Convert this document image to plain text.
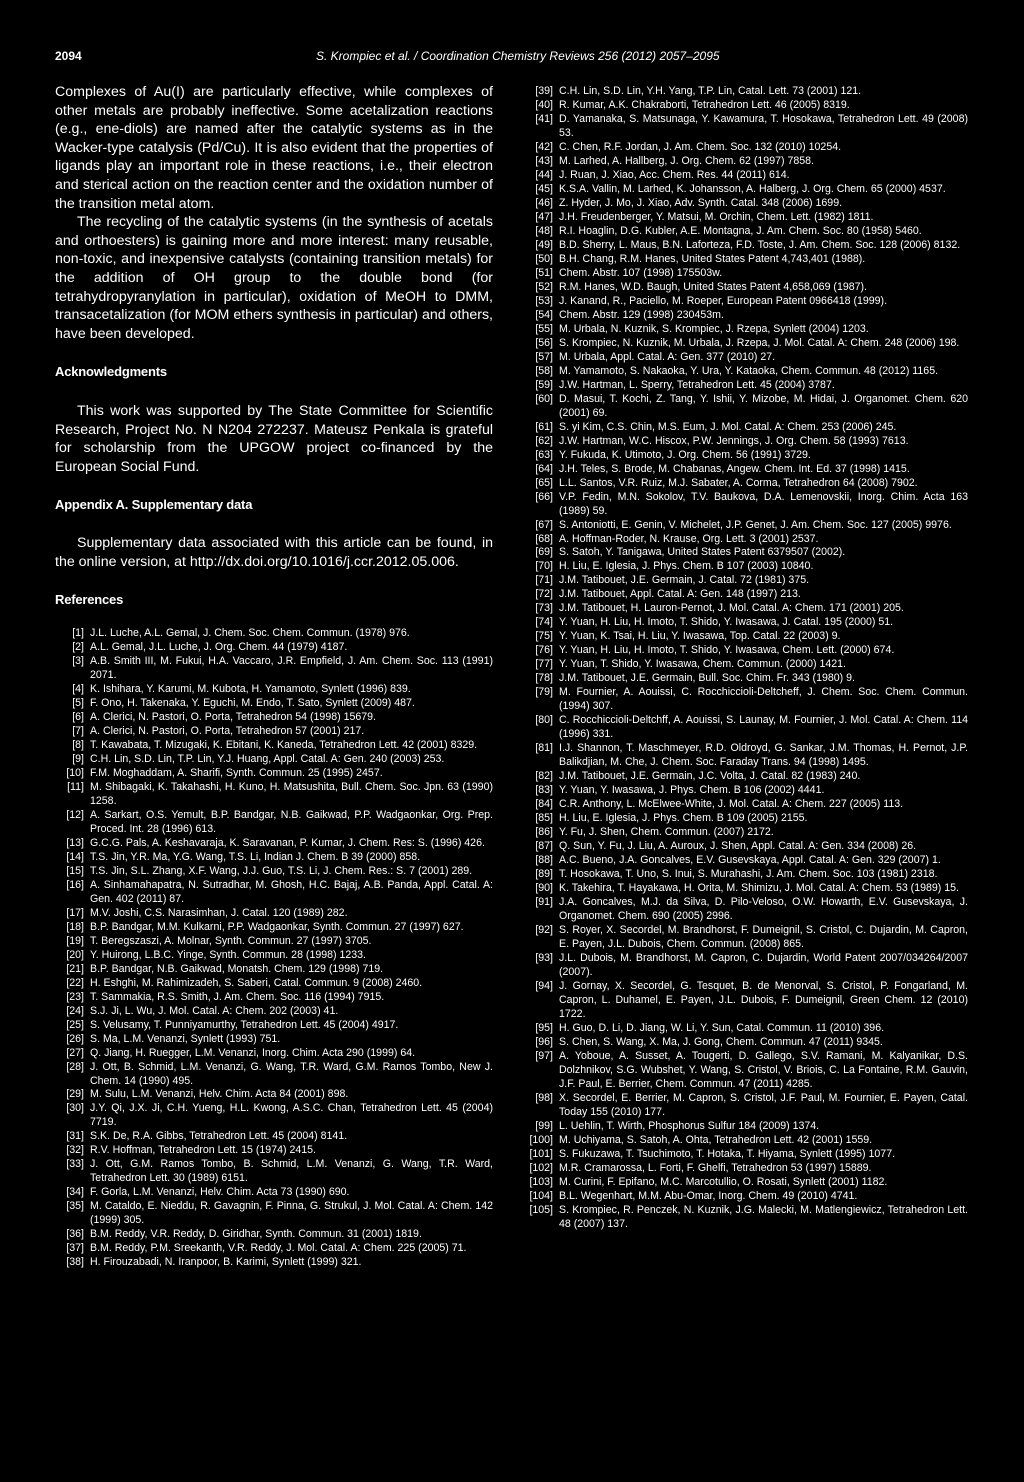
2094	S. Krompiec et al. / Coordination Chemistry Reviews 256 (2012) 2057–2095

Complexes of Au(I) are particularly effective, while complexes of other metals are probably ineffective. Some acetalization reactions (e.g., ene-diols) are named after the catalytic systems as in the Wacker-type catalysis (Pd/Cu). It is also evident that the properties of ligands play an important role in these reactions, i.e., their electron and sterical action on the reaction center and the oxidation number of the transition metal atom.

The recycling of the catalytic systems (in the synthesis of acetals and orthoesters) is gaining more and more interest: many reusable, non-toxic, and inexpensive catalysts (containing transition metals) for the addition of OH group to the double bond (for tetrahydropyranylation in particular), oxidation of MeOH to DMM, transacetalization (for MOM ethers synthesis in particular) and others, have been developed.

Acknowledgments

This work was supported by The State Committee for Scientific Research, Project No. N N204 272237. Mateusz Penkala is grateful for scholarship from the UPGOW project co-financed by the European Social Fund.

Appendix A. Supplementary data

Supplementary data associated with this article can be found, in the online version, at http://dx.doi.org/10.1016/j.ccr.2012.05.006.

References
[1] J.L. Luche, A.L. Gemal, J. Chem. Soc. Chem. Commun. (1978) 976.
[2] A.L. Gemal, J.L. Luche, J. Org. Chem. 44 (1979) 4187.
[3] A.B. Smith III, M. Fukui, H.A. Vaccaro, J.R. Empfield, J. Am. Chem. Soc. 113 (1991) 2071.
[4] K. Ishihara, Y. Karumi, M. Kubota, H. Yamamoto, Synlett (1996) 839.
[5] F. Ono, H. Takenaka, Y. Eguchi, M. Endo, T. Sato, Synlett (2009) 487.
[6] A. Clerici, N. Pastori, O. Porta, Tetrahedron 54 (1998) 15679.
[7] A. Clerici, N. Pastori, O. Porta, Tetrahedron 57 (2001) 217.
[8] T. Kawabata, T. Mizugaki, K. Ebitani, K. Kaneda, Tetrahedron Lett. 42 (2001) 8329.
[9] C.H. Lin, S.D. Lin, T.P. Lin, Y.J. Huang, Appl. Catal. A: Gen. 240 (2003) 253.
[10] F.M. Moghaddam, A. Sharifi, Synth. Commun. 25 (1995) 2457.
[11] M. Shibagaki, K. Takahashi, H. Kuno, H. Matsushita, Bull. Chem. Soc. Jpn. 63 (1990) 1258.
[12] A. Sarkart, O.S. Yemult, B.P. Bandgar, N.B. Gaikwad, P.P. Wadgaonkar, Org. Prep. Proced. Int. 28 (1996) 613.
[13] G.C.G. Pals, A. Keshavaraja, K. Saravanan, P. Kumar, J. Chem. Res: S. (1996) 426.
[14] T.S. Jin, Y.R. Ma, Y.G. Wang, T.S. Li, Indian J. Chem. B 39 (2000) 858.
[15] T.S. Jin, S.L. Zhang, X.F. Wang, J.J. Guo, T.S. Li, J. Chem. Res.: S. 7 (2001) 289.
[16] A. Sinhamahapatra, N. Sutradhar, M. Ghosh, H.C. Bajaj, A.B. Panda, Appl. Catal. A: Gen. 402 (2011) 87.
[17] M.V. Joshi, C.S. Narasimhan, J. Catal. 120 (1989) 282.
[18] B.P. Bandgar, M.M. Kulkarni, P.P. Wadgaonkar, Synth. Commun. 27 (1997) 627.
[19] T. Beregszaszi, A. Molnar, Synth. Commun. 27 (1997) 3705.
[20] Y. Huirong, L.B.C. Yinge, Synth. Commun. 28 (1998) 1233.
[21] B.P. Bandgar, N.B. Gaikwad, Monatsh. Chem. 129 (1998) 719.
[22] H. Eshghi, M. Rahimizadeh, S. Saberi, Catal. Commun. 9 (2008) 2460.
[23] T. Sammakia, R.S. Smith, J. Am. Chem. Soc. 116 (1994) 7915.
[24] S.J. Ji, L. Wu, J. Mol. Catal. A: Chem. 202 (2003) 41.
[25] S. Velusamy, T. Punniyamurthy, Tetrahedron Lett. 45 (2004) 4917.
[26] S. Ma, L.M. Venanzi, Synlett (1993) 751.
[27] Q. Jiang, H. Ruegger, L.M. Venanzi, Inorg. Chim. Acta 290 (1999) 64.
[28] J. Ott, B. Schmid, L.M. Venanzi, G. Wang, T.R. Ward, G.M. Ramos Tombo, New J. Chem. 14 (1990) 495.
[29] M. Sulu, L.M. Venanzi, Helv. Chim. Acta 84 (2001) 898.
[30] J.Y. Qi, J.X. Ji, C.H. Yueng, H.L. Kwong, A.S.C. Chan, Tetrahedron Lett. 45 (2004) 7719.
[31] S.K. De, R.A. Gibbs, Tetrahedron Lett. 45 (2004) 8141.
[32] R.V. Hoffman, Tetrahedron Lett. 15 (1974) 2415.
[33] J. Ott, G.M. Ramos Tombo, B. Schmid, L.M. Venanzi, G. Wang, T.R. Ward, Tetrahedron Lett. 30 (1989) 6151.
[34] F. Gorla, L.M. Venanzi, Helv. Chim. Acta 73 (1990) 690.
[35] M. Cataldo, E. Nieddu, R. Gavagnin, F. Pinna, G. Strukul, J. Mol. Catal. A: Chem. 142 (1999) 305.
[36] B.M. Reddy, V.R. Reddy, D. Giridhar, Synth. Commun. 31 (2001) 1819.
[37] B.M. Reddy, P.M. Sreekanth, V.R. Reddy, J. Mol. Catal. A: Chem. 225 (2005) 71.
[38] H. Firouzabadi, N. Iranpoor, B. Karimi, Synlett (1999) 321.
[39] C.H. Lin, S.D. Lin, Y.H. Yang, T.P. Lin, Catal. Lett. 73 (2001) 121.
[40] R. Kumar, A.K. Chakraborti, Tetrahedron Lett. 46 (2005) 8319.
[41] D. Yamanaka, S. Matsunaga, Y. Kawamura, T. Hosokawa, Tetrahedron Lett. 49 (2008) 53.
[42] C. Chen, R.F. Jordan, J. Am. Chem. Soc. 132 (2010) 10254.
[43] M. Larhed, A. Hallberg, J. Org. Chem. 62 (1997) 7858.
[44] J. Ruan, J. Xiao, Acc. Chem. Res. 44 (2011) 614.
[45] K.S.A. Vallin, M. Larhed, K. Johansson, A. Halberg, J. Org. Chem. 65 (2000) 4537.
[46] Z. Hyder, J. Mo, J. Xiao, Adv. Synth. Catal. 348 (2006) 1699.
[47] J.H. Freudenberger, Y. Matsui, M. Orchin, Chem. Lett. (1982) 1811.
[48] R.I. Hoaglin, D.G. Kubler, A.E. Montagna, J. Am. Chem. Soc. 80 (1958) 5460.
[49] B.D. Sherry, L. Maus, B.N. Laforteza, F.D. Toste, J. Am. Chem. Soc. 128 (2006) 8132.
[50] B.H. Chang, R.M. Hanes, United States Patent 4,743,401 (1988).
[51] Chem. Abstr. 107 (1998) 175503w.
[52] R.M. Hanes, W.D. Baugh, United States Patent 4,658,069 (1987).
[53] J. Kanand, R., Paciello, M. Roeper, European Patent 0966418 (1999).
[54] Chem. Abstr. 129 (1998) 230453m.
[55] M. Urbala, N. Kuznik, S. Krompiec, J. Rzepa, Synlett (2004) 1203.
[56] S. Krompiec, N. Kuznik, M. Urbala, J. Rzepa, J. Mol. Catal. A: Chem. 248 (2006) 198.
[57] M. Urbala, Appl. Catal. A: Gen. 377 (2010) 27.
[58] M. Yamamoto, S. Nakaoka, Y. Ura, Y. Kataoka, Chem. Commun. 48 (2012) 1165.
[59] J.W. Hartman, L. Sperry, Tetrahedron Lett. 45 (2004) 3787.
[60] D. Masui, T. Kochi, Z. Tang, Y. Ishii, Y. Mizobe, M. Hidai, J. Organomet. Chem. 620 (2001) 69.
[61] S. yi Kim, C.S. Chin, M.S. Eum, J. Mol. Catal. A: Chem. 253 (2006) 245.
[62] J.W. Hartman, W.C. Hiscox, P.W. Jennings, J. Org. Chem. 58 (1993) 7613.
[63] Y. Fukuda, K. Utimoto, J. Org. Chem. 56 (1991) 3729.
[64] J.H. Teles, S. Brode, M. Chabanas, Angew. Chem. Int. Ed. 37 (1998) 1415.
[65] L.L. Santos, V.R. Ruiz, M.J. Sabater, A. Corma, Tetrahedron 64 (2008) 7902.
[66] V.P. Fedin, M.N. Sokolov, T.V. Baukova, D.A. Lemenovskii, Inorg. Chim. Acta 163 (1989) 59.
[67] S. Antoniotti, E. Genin, V. Michelet, J.P. Genet, J. Am. Chem. Soc. 127 (2005) 9976.
[68] A. Hoffman-Roder, N. Krause, Org. Lett. 3 (2001) 2537.
[69] S. Satoh, Y. Tanigawa, United States Patent 6379507 (2002).
[70] H. Liu, E. Iglesia, J. Phys. Chem. B 107 (2003) 10840.
[71] J.M. Tatibouet, J.E. Germain, J. Catal. 72 (1981) 375.
[72] J.M. Tatibouet, Appl. Catal. A: Gen. 148 (1997) 213.
[73] J.M. Tatibouet, H. Lauron-Pernot, J. Mol. Catal. A: Chem. 171 (2001) 205.
[74] Y. Yuan, H. Liu, H. Imoto, T. Shido, Y. Iwasawa, J. Catal. 195 (2000) 51.
[75] Y. Yuan, K. Tsai, H. Liu, Y. Iwasawa, Top. Catal. 22 (2003) 9.
[76] Y. Yuan, H. Liu, H. Imoto, T. Shido, Y. Iwasawa, Chem. Lett. (2000) 674.
[77] Y. Yuan, T. Shido, Y. Iwasawa, Chem. Commun. (2000) 1421.
[78] J.M. Tatibouet, J.E. Germain, Bull. Soc. Chim. Fr. 343 (1980) 9.
[79] M. Fournier, A. Aouissi, C. Rocchiccioli-Deltcheff, J. Chem. Soc. Chem. Commun. (1994) 307.
[80] C. Rocchiccioli-Deltchff, A. Aouissi, S. Launay, M. Fournier, J. Mol. Catal. A: Chem. 114 (1996) 331.
[81] I.J. Shannon, T. Maschmeyer, R.D. Oldroyd, G. Sankar, J.M. Thomas, H. Pernot, J.P. Balikdjian, M. Che, J. Chem. Soc. Faraday Trans. 94 (1998) 1495.
[82] J.M. Tatibouet, J.E. Germain, J.C. Volta, J. Catal. 82 (1983) 240.
[83] Y. Yuan, Y. Iwasawa, J. Phys. Chem. B 106 (2002) 4441.
[84] C.R. Anthony, L. McElwee-White, J. Mol. Catal. A: Chem. 227 (2005) 113.
[85] H. Liu, E. Iglesia, J. Phys. Chem. B 109 (2005) 2155.
[86] Y. Fu, J. Shen, Chem. Commun. (2007) 2172.
[87] Q. Sun, Y. Fu, J. Liu, A. Auroux, J. Shen, Appl. Catal. A: Gen. 334 (2008) 26.
[88] A.C. Bueno, J.A. Goncalves, E.V. Gusevskaya, Appl. Catal. A: Gen. 329 (2007) 1.
[89] T. Hosokawa, T. Uno, S. Inui, S. Murahashi, J. Am. Chem. Soc. 103 (1981) 2318.
[90] K. Takehira, T. Hayakawa, H. Orita, M. Shimizu, J. Mol. Catal. A: Chem. 53 (1989) 15.
[91] J.A. Goncalves, M.J. da Silva, D. Pilo-Veloso, O.W. Howarth, E.V. Gusevskaya, J. Organomet. Chem. 690 (2005) 2996.
[92] S. Royer, X. Secordel, M. Brandhorst, F. Dumeignil, S. Cristol, C. Dujardin, M. Capron, E. Payen, J.L. Dubois, Chem. Commun. (2008) 865.
[93] J.L. Dubois, M. Brandhorst, M. Capron, C. Dujardin, World Patent 2007/034264/2007 (2007).
[94] J. Gornay, X. Secordel, G. Tesquet, B. de Menorval, S. Cristol, P. Fongarland, M. Capron, L. Duhamel, E. Payen, J.L. Dubois, F. Dumeignil, Green Chem. 12 (2010) 1722.
[95] H. Guo, D. Li, D. Jiang, W. Li, Y. Sun, Catal. Commun. 11 (2010) 396.
[96] S. Chen, S. Wang, X. Ma, J. Gong, Chem. Commun. 47 (2011) 9345.
[97] A. Yoboue, A. Susset, A. Tougerti, D. Gallego, S.V. Ramani, M. Kalyanikar, D.S. Dolzhnikov, S.G. Wubshet, Y. Wang, S. Cristol, V. Briois, C. La Fontaine, R.M. Gauvin, J.F. Paul, E. Berrier, Chem. Commun. 47 (2011) 4285.
[98] X. Secordel, E. Berrier, M. Capron, S. Cristol, J.F. Paul, M. Fournier, E. Payen, Catal. Today 155 (2010) 177.
[99] L. Uehlin, T. Wirth, Phosphorus Sulfur 184 (2009) 1374.
[100] M. Uchiyama, S. Satoh, A. Ohta, Tetrahedron Lett. 42 (2001) 1559.
[101] S. Fukuzawa, T. Tsuchimoto, T. Hotaka, T. Hiyama, Synlett (1995) 1077.
[102] M.R. Cramarossa, L. Forti, F. Ghelfi, Tetrahedron 53 (1997) 15889.
[103] M. Curini, F. Epifano, M.C. Marcotullio, O. Rosati, Synlett (2001) 1182.
[104] B.L. Wegenhart, M.M. Abu-Omar, Inorg. Chem. 49 (2010) 4741.
[105] S. Krompiec, R. Penczek, N. Kuznik, J.G. Malecki, M. Matlengiewicz, Tetrahedron Lett. 48 (2007) 137.
